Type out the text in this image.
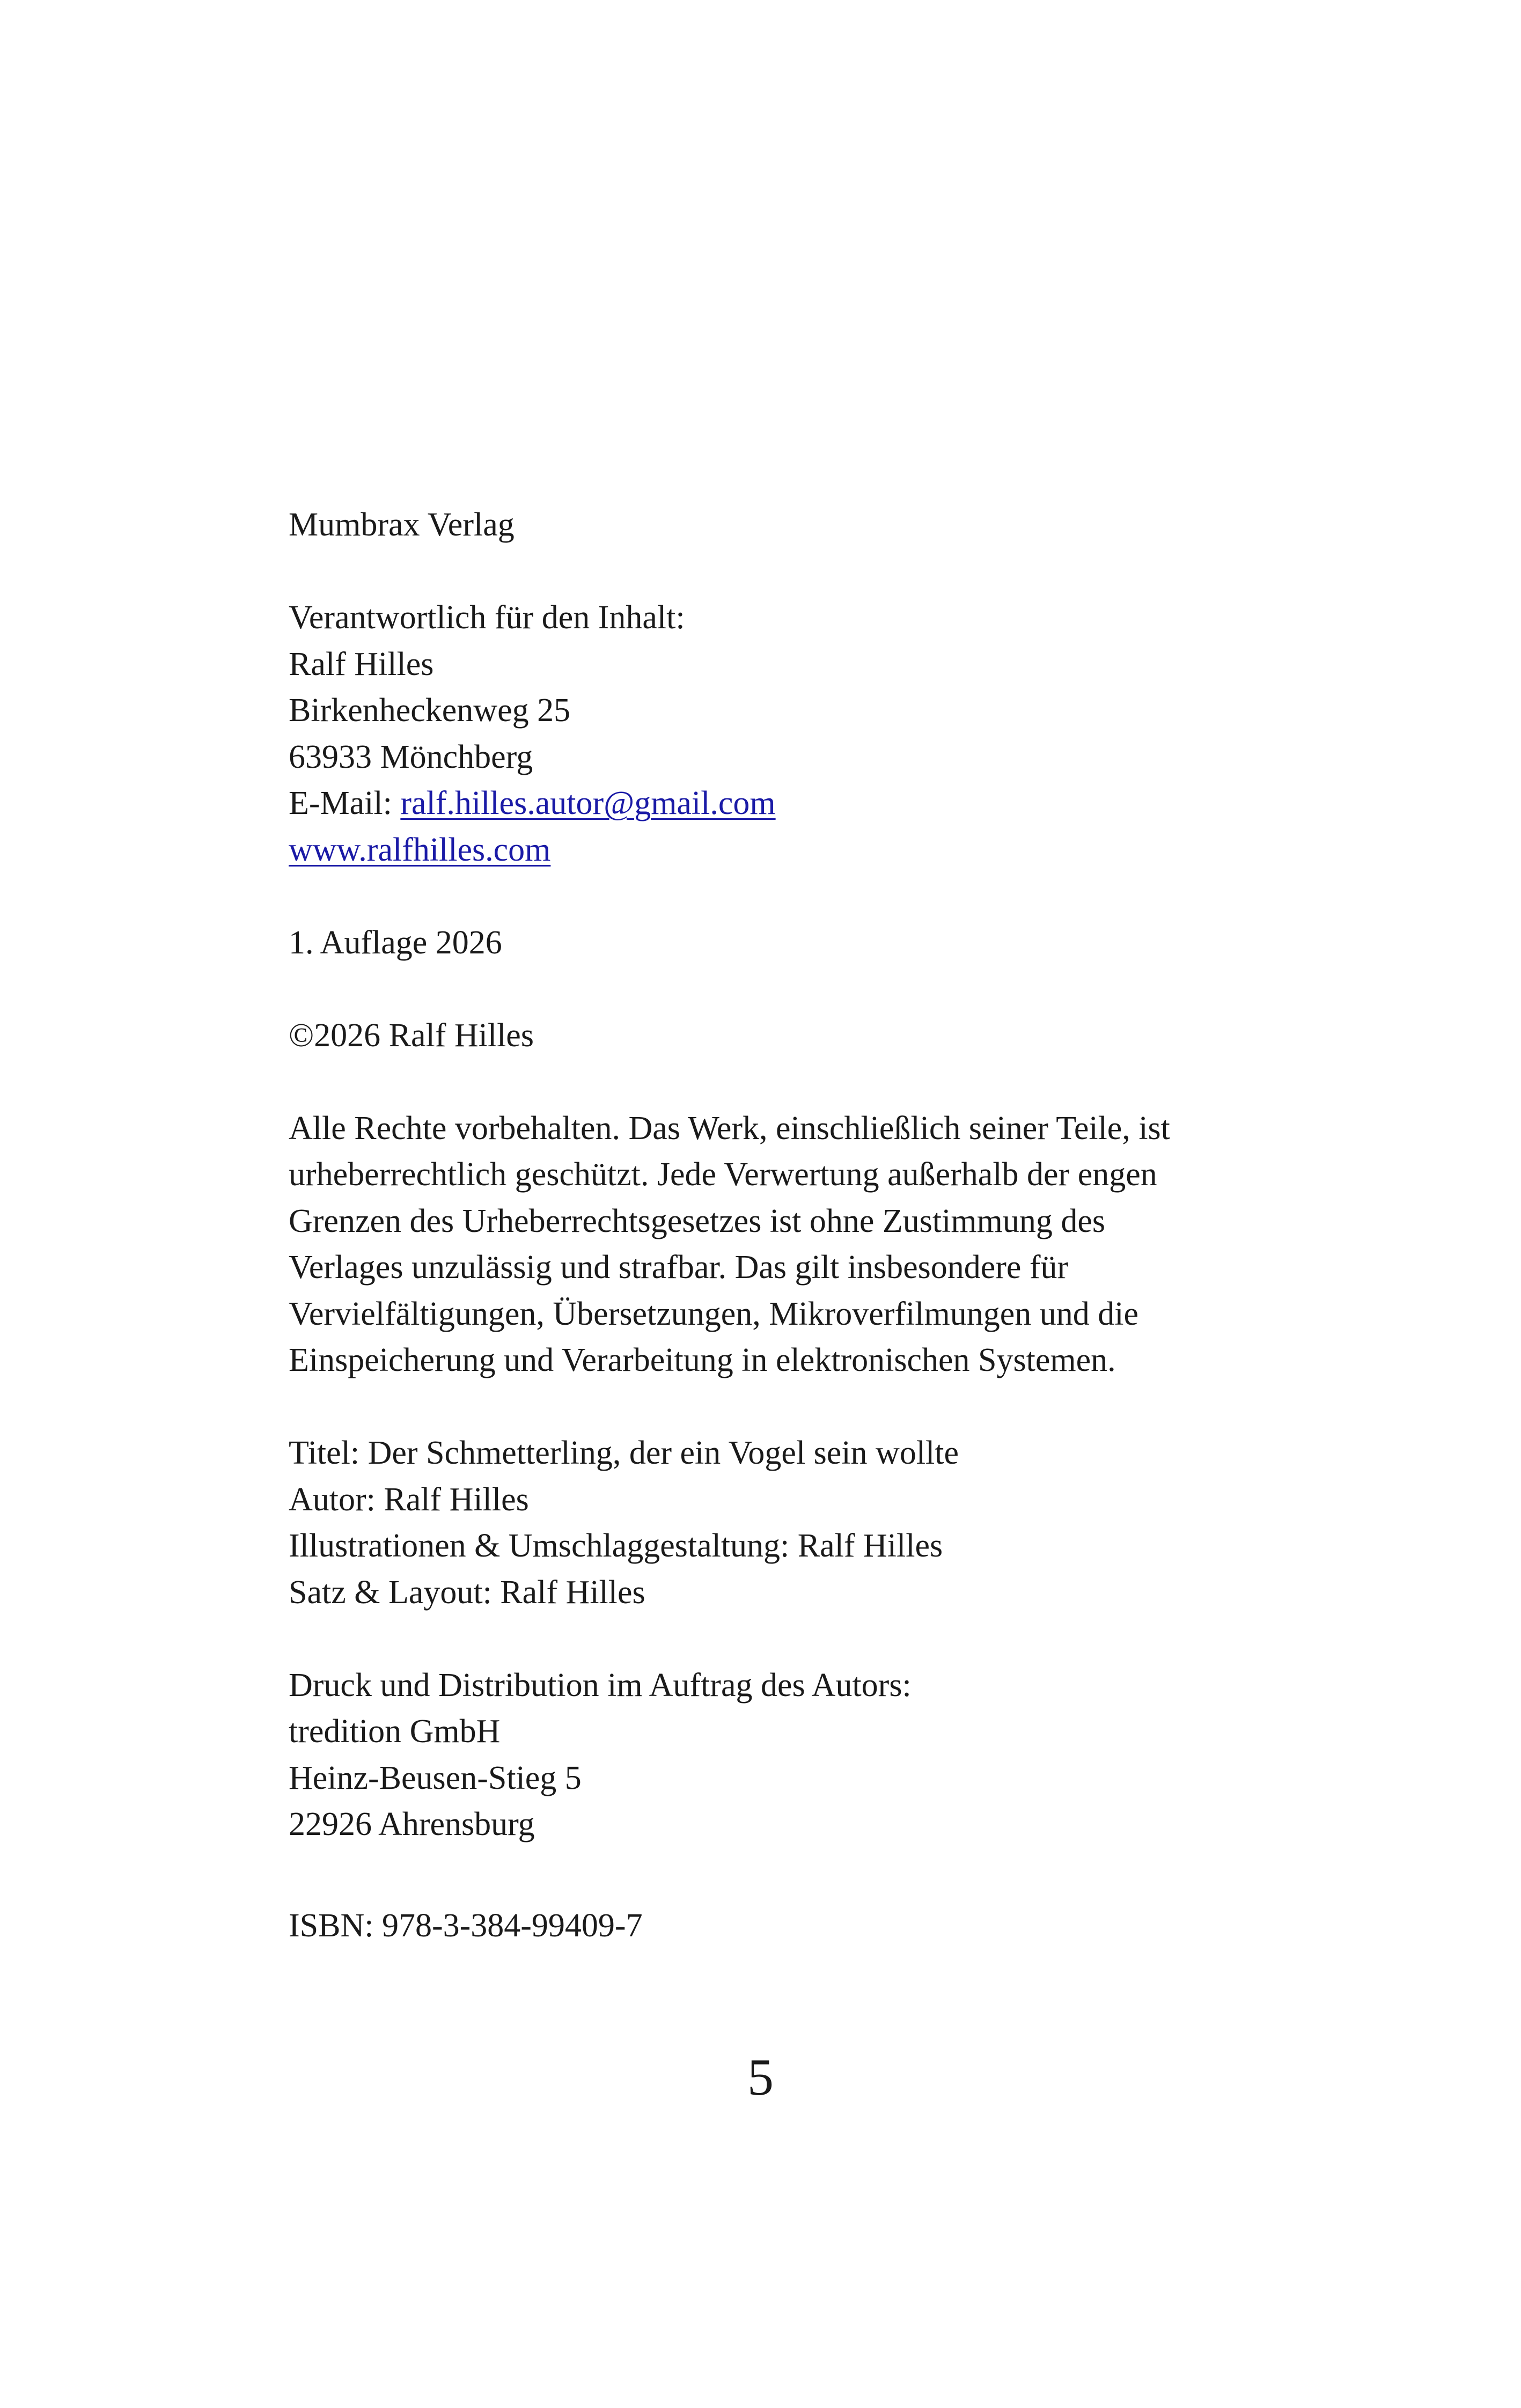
Mumbrax Verlag
Verantwortlich für den Inhalt:
Ralf Hilles
Birkenheckenweg 25
63933 Mönchberg
E-Mail: ralf.hilles.autor@gmail.com
www.ralfhilles.com
1. Auflage 2026
©2026 Ralf Hilles
Alle Rechte vorbehalten. Das Werk, einschließlich seiner Teile, ist
urheberrechtlich geschützt. Jede Verwertung außerhalb der engen
Grenzen des Urheberrechtsgesetzes ist ohne Zustimmung des
Verlages unzulässig und strafbar. Das gilt insbesondere für
Vervielfältigungen, Übersetzungen, Mikroverfilmungen und die
Einspeicherung und Verarbeitung in elektronischen Systemen.
Titel: Der Schmetterling, der ein Vogel sein wollte
Autor: Ralf Hilles
Illustrationen & Umschlaggestaltung: Ralf Hilles
Satz & Layout: Ralf Hilles
Druck und Distribution im Auftrag des Autors:
tredition GmbH
Heinz-Beusen-Stieg 5
22926 Ahrensburg
ISBN: 978-3-384-99409-7
5
